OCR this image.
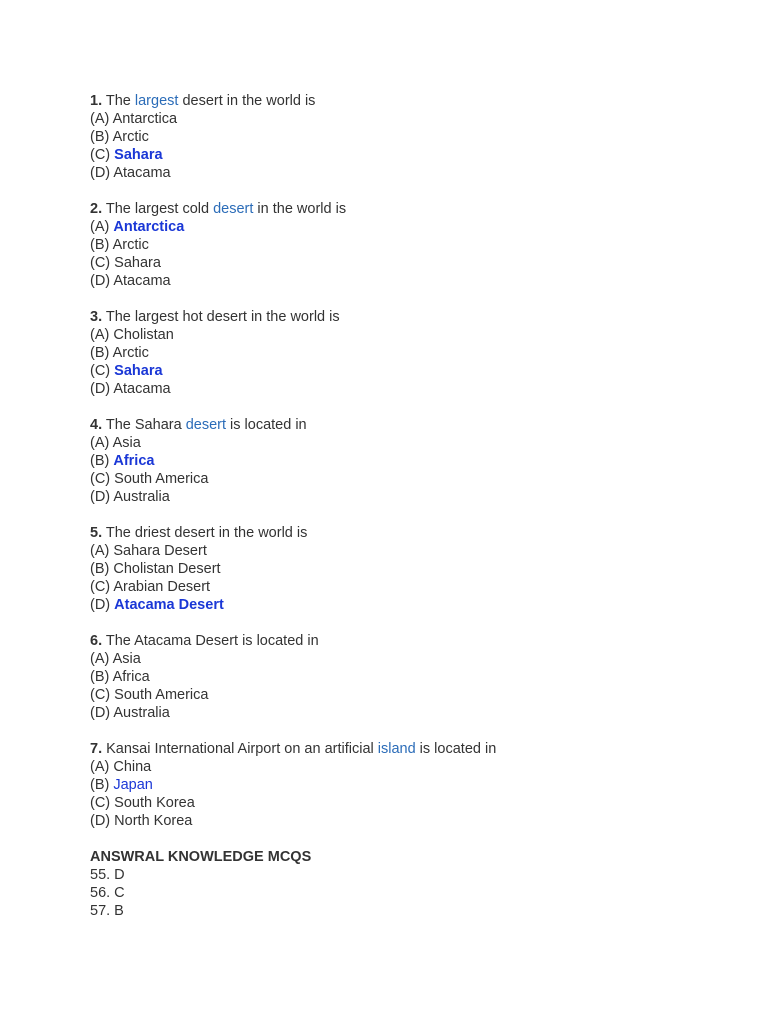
1. The largest desert in the world is
(A) Antarctica
(B) Arctic
(C) Sahara
(D) Atacama
2. The largest cold desert in the world is
(A) Antarctica
(B) Arctic
(C) Sahara
(D) Atacama
3. The largest hot desert in the world is
(A) Cholistan
(B) Arctic
(C) Sahara
(D) Atacama
4. The Sahara desert is located in
(A) Asia
(B) Africa
(C) South America
(D) Australia
5. The driest desert in the world is
(A) Sahara Desert
(B) Cholistan Desert
(C) Arabian Desert
(D) Atacama Desert
6. The Atacama Desert is located in
(A) Asia
(B) Africa
(C) South America
(D) Australia
7. Kansai International Airport on an artificial island is located in
(A) China
(B) Japan
(C) South Korea
(D) North Korea
ANSWRAL KNOWLEDGE MCQS
55. D
56. C
57. B
